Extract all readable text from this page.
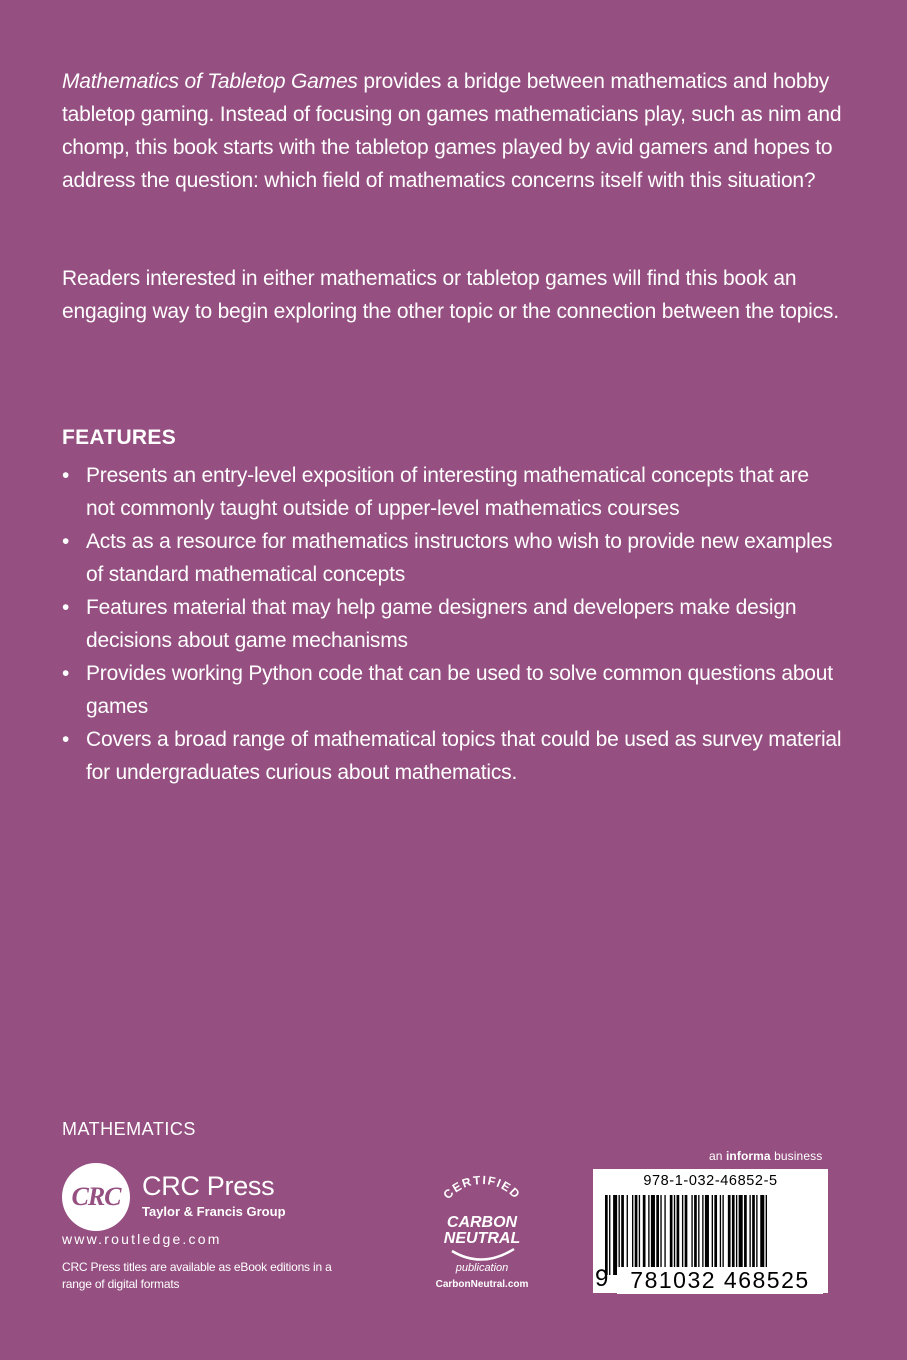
Mathematics of Tabletop Games provides a bridge between mathematics and hobby tabletop gaming. Instead of focusing on games mathematicians play, such as nim and chomp, this book starts with the tabletop games played by avid gamers and hopes to address the question: which field of mathematics concerns itself with this situation?

Readers interested in either mathematics or tabletop games will find this book an engaging way to begin exploring the other topic or the connection between the topics.

FEATURES
• Presents an entry-level exposition of interesting mathematical concepts that are not commonly taught outside of upper-level mathematics courses
• Acts as a resource for mathematics instructors who wish to provide new examples of standard mathematical concepts
• Features material that may help game designers and developers make design decisions about game mechanisms
• Provides working Python code that can be used to solve common questions about games
• Covers a broad range of mathematical topics that could be used as survey material for undergraduates curious about mathematics.
MATHEMATICS
CRC CRC Press
Taylor & Francis Group
www.routledge.com
CRC Press titles are available as eBook editions in a range of digital formats
CERTIFIED
CARBON
NEUTRAL
publication
CarbonNeutral.com
an informa business
978-1-032-46852-5
9 781032 468525
